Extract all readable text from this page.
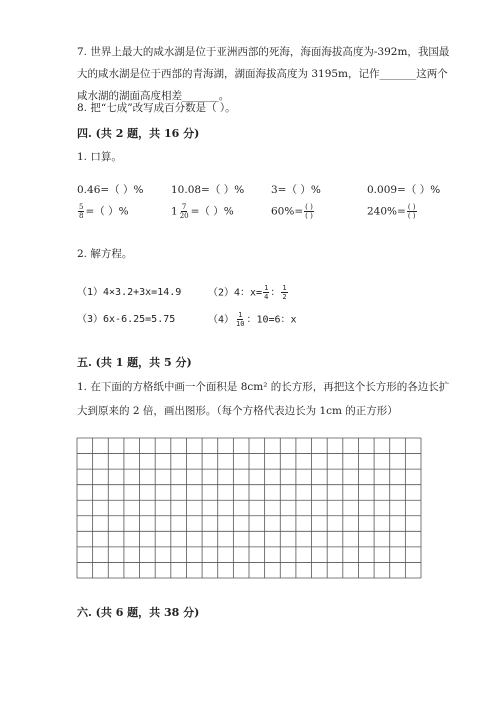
7. 世界上最大的咸水湖是位于亚洲西部的死海，海面海拔高度为-392m，我国最
大的咸水湖是位于西部的青海湖，湖面海拔高度为 3195m，记作_______这两个
咸水湖的湖面高度相差_______。
8. 把“七成”改写成百分数是（ ）。
四. (共 2 题，共 16 分)
1. 口算。
0.46=（ ）%	10.08=（ ）%	3=（ ）%	0.009=（ ）%
$\frac{5}{8}$ =（ ）%	$1 \frac{7}{20}$ =（ ）%	$60\%= \frac{( )}{( )}$	$240\%= \frac{( )}{( )}$
2. 解方程。
（1）4×3.2+3x=14.9	（2）4：$x= \frac{1}{4}$ ： $\frac{1}{2}$
（3）6x-6.25=5.75	$(4) \frac{1}{10}$ ：10=6：x
五. (共 1 题，共 5 分)
1. 在下面的方格纸中画一个面积是 8cm² 的长方形，再把这个长方形的各边长扩
大到原来的 2 倍，画出图形。（每个方格代表边长为 1cm 的正方形）
六. (共 6 题，共 38 分)
